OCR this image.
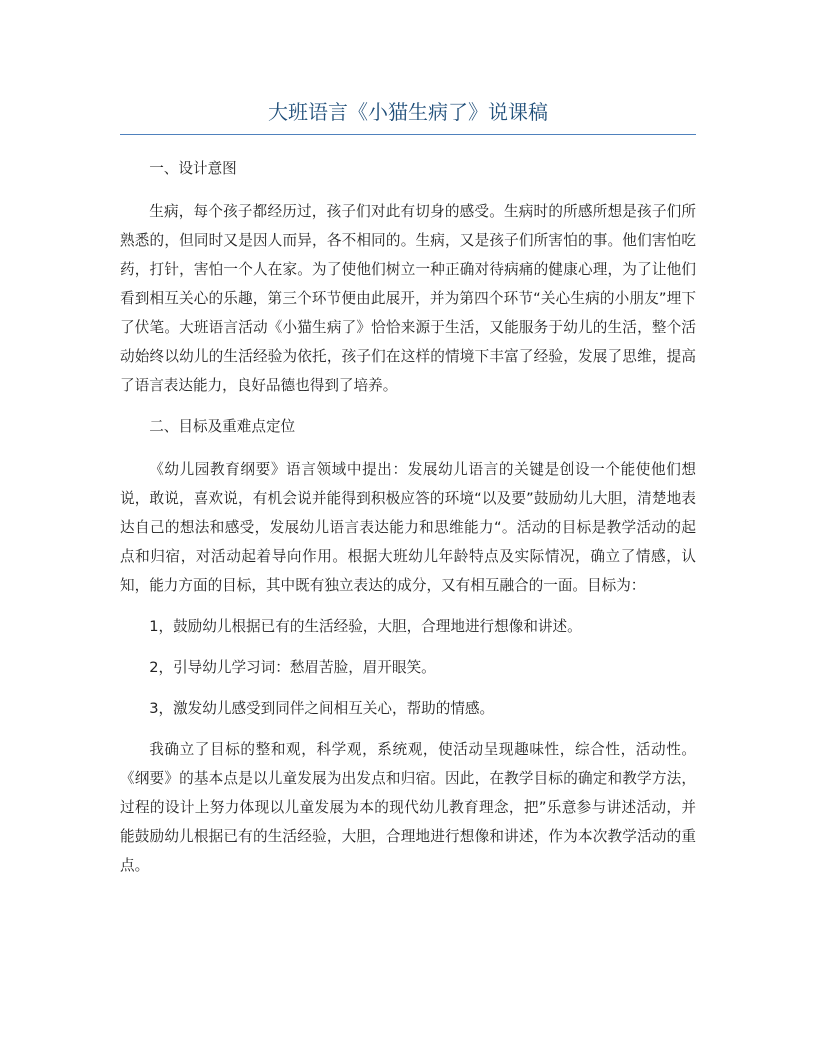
大班语言《小猫生病了》说课稿

一、设计意图

生病，每个孩子都经历过，孩子们对此有切身的感受。生病时的所感所想是孩子们所熟悉的，但同时又是因人而异，各不相同的。生病，又是孩子们所害怕的事。他们害怕吃药，打针，害怕一个人在家。为了使他们树立一种正确对待病痛的健康心理，为了让他们看到相互关心的乐趣，第三个环节便由此展开，并为第四个环节“关心生病的小朋友”埋下了伏笔。大班语言活动《小猫生病了》恰恰来源于生活，又能服务于幼儿的生活，整个活动始终以幼儿的生活经验为依托，孩子们在这样的情境下丰富了经验，发展了思维，提高了语言表达能力，良好品德也得到了培养。

二、目标及重难点定位

《幼儿园教育纲要》语言领域中提出：发展幼儿语言的关键是创设一个能使他们想说，敢说，喜欢说，有机会说并能得到积极应答的环境“以及要”鼓励幼儿大胆，清楚地表达自己的想法和感受，发展幼儿语言表达能力和思维能力“。活动的目标是教学活动的起点和归宿，对活动起着导向作用。根据大班幼儿年龄特点及实际情况，确立了情感，认知，能力方面的目标，其中既有独立表达的成分，又有相互融合的一面。目标为：

1，鼓励幼儿根据已有的生活经验，大胆，合理地进行想像和讲述。

2，引导幼儿学习词：愁眉苦脸，眉开眼笑。

3，激发幼儿感受到同伴之间相互关心，帮助的情感。

我确立了目标的整和观，科学观，系统观，使活动呈现趣味性，综合性，活动性。《纲要》的基本点是以儿童发展为出发点和归宿。因此，在教学目标的确定和教学方法，过程的设计上努力体现以儿童发展为本的现代幼儿教育理念，把”乐意参与讲述活动，并能鼓励幼儿根据已有的生活经验，大胆，合理地进行想像和讲述，作为本次教学活动的重点。
